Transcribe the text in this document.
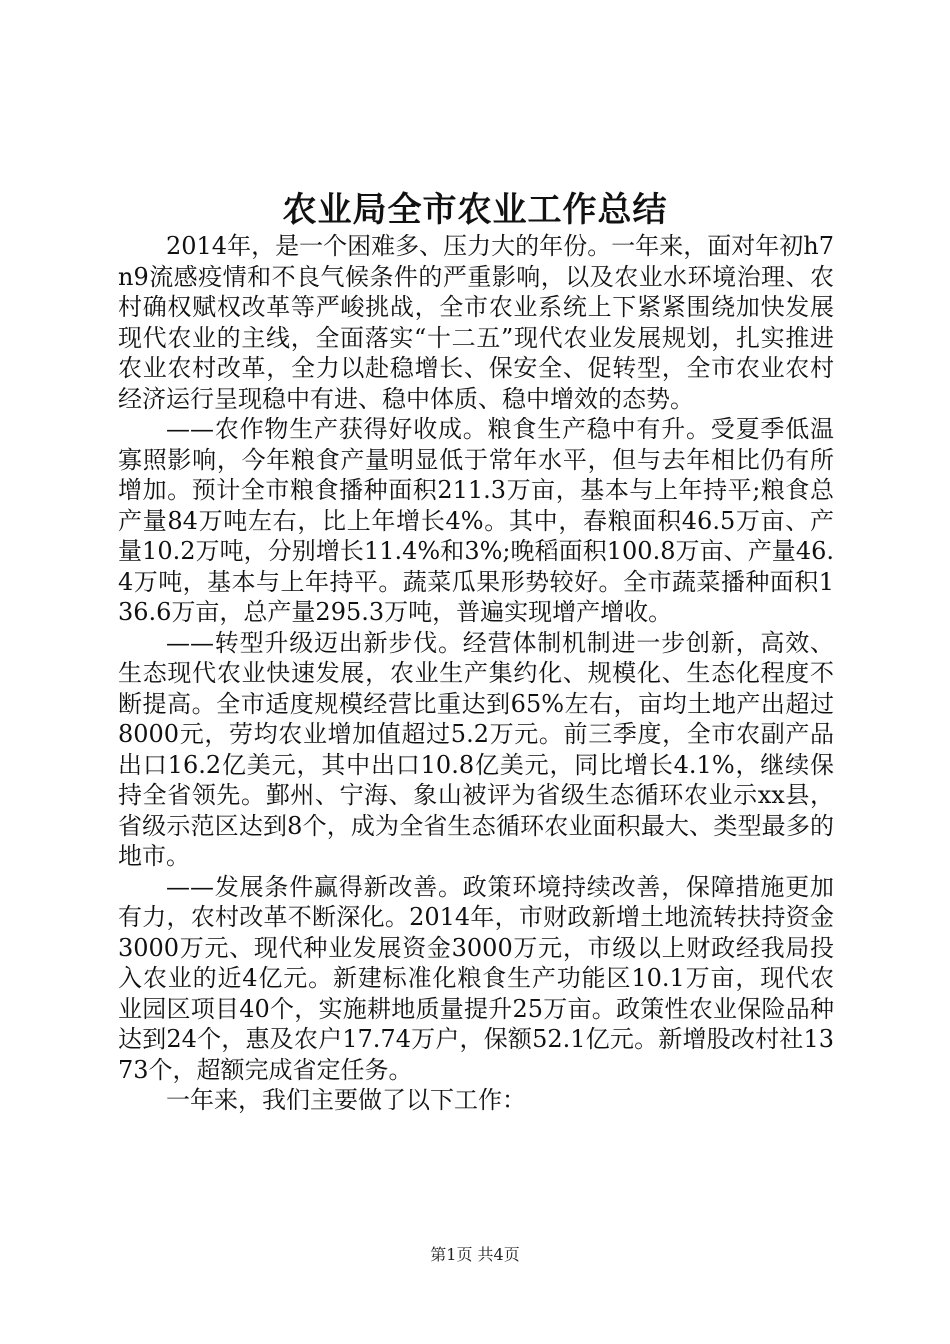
农业局全市农业工作总结

2014年，是一个困难多、压力大的年份。一年来，面对年初h7n9流感疫情和不良气候条件的严重影响，以及农业水环境治理、农村确权赋权改革等严峻挑战，全市农业系统上下紧紧围绕加快发展现代农业的主线，全面落实“十二五”现代农业发展规划，扎实推进农业农村改革，全力以赴稳增长、保安全、促转型，全市农业农村经济运行呈现稳中有进、稳中体质、稳中增效的态势。

——农作物生产获得好收成。粮食生产稳中有升。受夏季低温寡照影响，今年粮食产量明显低于常年水平，但与去年相比仍有所增加。预计全市粮食播种面积211.3万亩，基本与上年持平;粮食总产量84万吨左右，比上年增长4%。其中，春粮面积46.5万亩、产量10.2万吨，分别增长11.4%和3%;晚稻面积100.8万亩、产量46.4万吨，基本与上年持平。蔬菜瓜果形势较好。全市蔬菜播种面积136.6万亩，总产量295.3万吨，普遍实现增产增收。

——转型升级迈出新步伐。经营体制机制进一步创新，高效、生态现代农业快速发展，农业生产集约化、规模化、生态化程度不断提高。全市适度规模经营比重达到65%左右，亩均土地产出超过8000元，劳均农业增加值超过5.2万元。前三季度，全市农副产品出口16.2亿美元，其中出口10.8亿美元，同比增长4.1%，继续保持全省领先。鄞州、宁海、象山被评为省级生态循环农业示xx县，省级示范区达到8个，成为全省生态循环农业面积最大、类型最多的地市。

——发展条件赢得新改善。政策环境持续改善，保障措施更加有力，农村改革不断深化。2014年，市财政新增土地流转扶持资金3000万元、现代种业发展资金3000万元，市级以上财政经我局投入农业的近4亿元。新建标准化粮食生产功能区10.1万亩，现代农业园区项目40个，实施耕地质量提升25万亩。政策性农业保险品种达到24个，惠及农户17.74万户，保额52.1亿元。新增股改村社1373个，超额完成省定任务。

一年来，我们主要做了以下工作：

第1页 共4页
